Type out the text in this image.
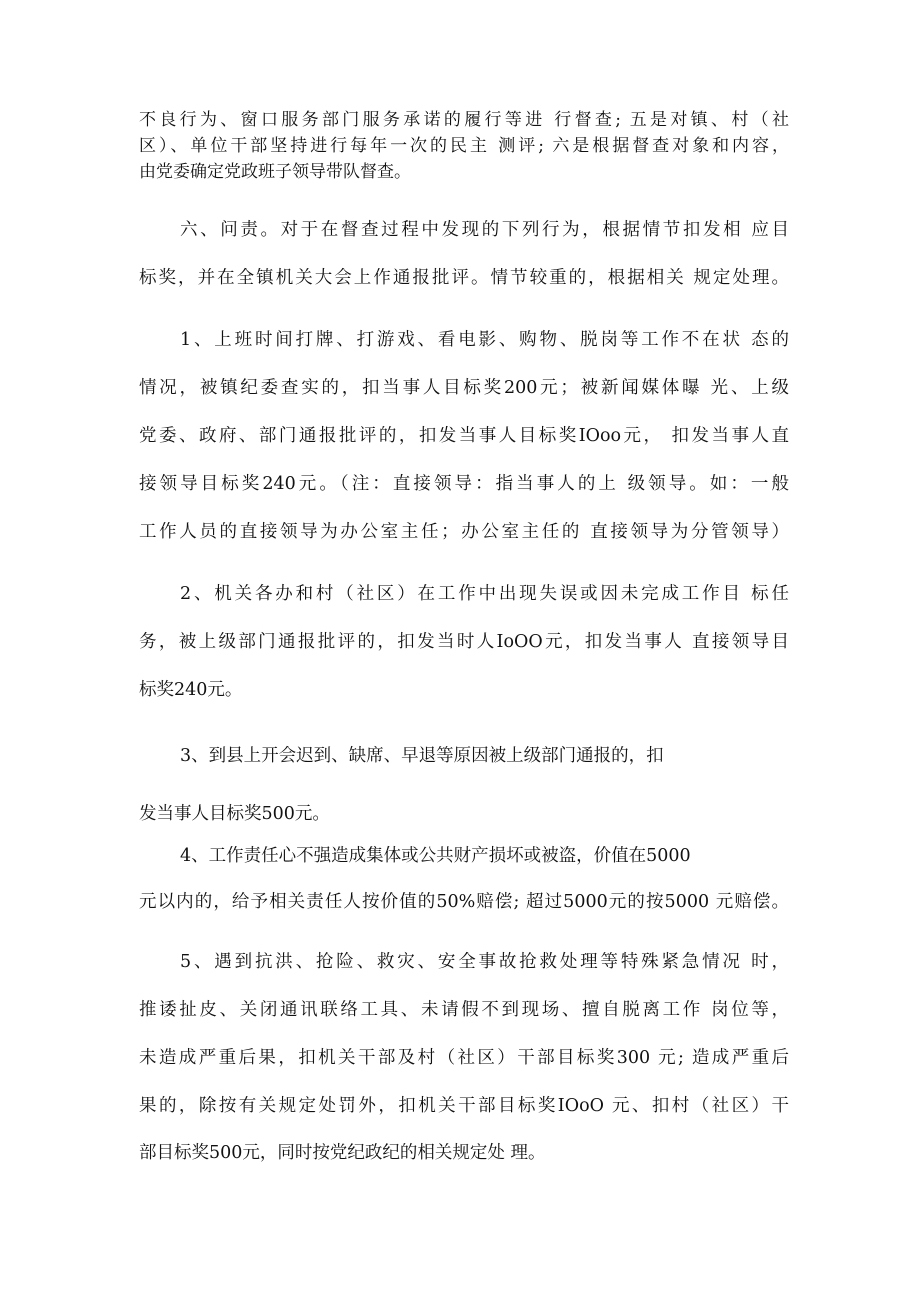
不良行为、窗口服务部门服务承诺的履行等进 行督查; 五是对镇、村（社

区）、单位干部坚持进行每年一次的民主 测评; 六是根据督查对象和内容，

由党委确定党政班子领导带队督查。

六、问责。对于在督查过程中发现的下列行为，根据情节扣发相 应目

标奖，并在全镇机关大会上作通报批评。情节较重的，根据相关 规定处理。

1、上班时间打牌、打游戏、看电影、购物、脱岗等工作不在状 态的

情况，被镇纪委查实的，扣当事人目标奖200元；被新闻媒体曝 光、上级

党委、政府、部门通报批评的，扣发当事人目标奖IOoo元， 扣发当事人直

接领导目标奖240元。（注：直接领导：指当事人的上 级领导。如：一般

工作人员的直接领导为办公室主任；办公室主任的 直接领导为分管领导）

2、机关各办和村（社区）在工作中出现失误或因未完成工作目 标任

务，被上级部门通报批评的，扣发当时人IoOO元，扣发当事人 直接领导目

标奖240元。

3、到县上开会迟到、缺席、早退等原因被上级部门通报的，扣

发当事人目标奖500元。

4、工作责任心不强造成集体或公共财产损坏或被盗，价值在5000

元以内的，给予相关责任人按价值的50%赔偿; 超过5000元的按5000 元赔偿。

5、遇到抗洪、抢险、救灾、安全事故抢救处理等特殊紧急情况 时，

推诿扯皮、关闭通讯联络工具、未请假不到现场、擅自脱离工作 岗位等，

未造成严重后果，扣机关干部及村（社区）干部目标奖300 元; 造成严重后

果的，除按有关规定处罚外，扣机关干部目标奖IOoO 元、扣村（社区）干

部目标奖500元，同时按党纪政纪的相关规定处 理。
